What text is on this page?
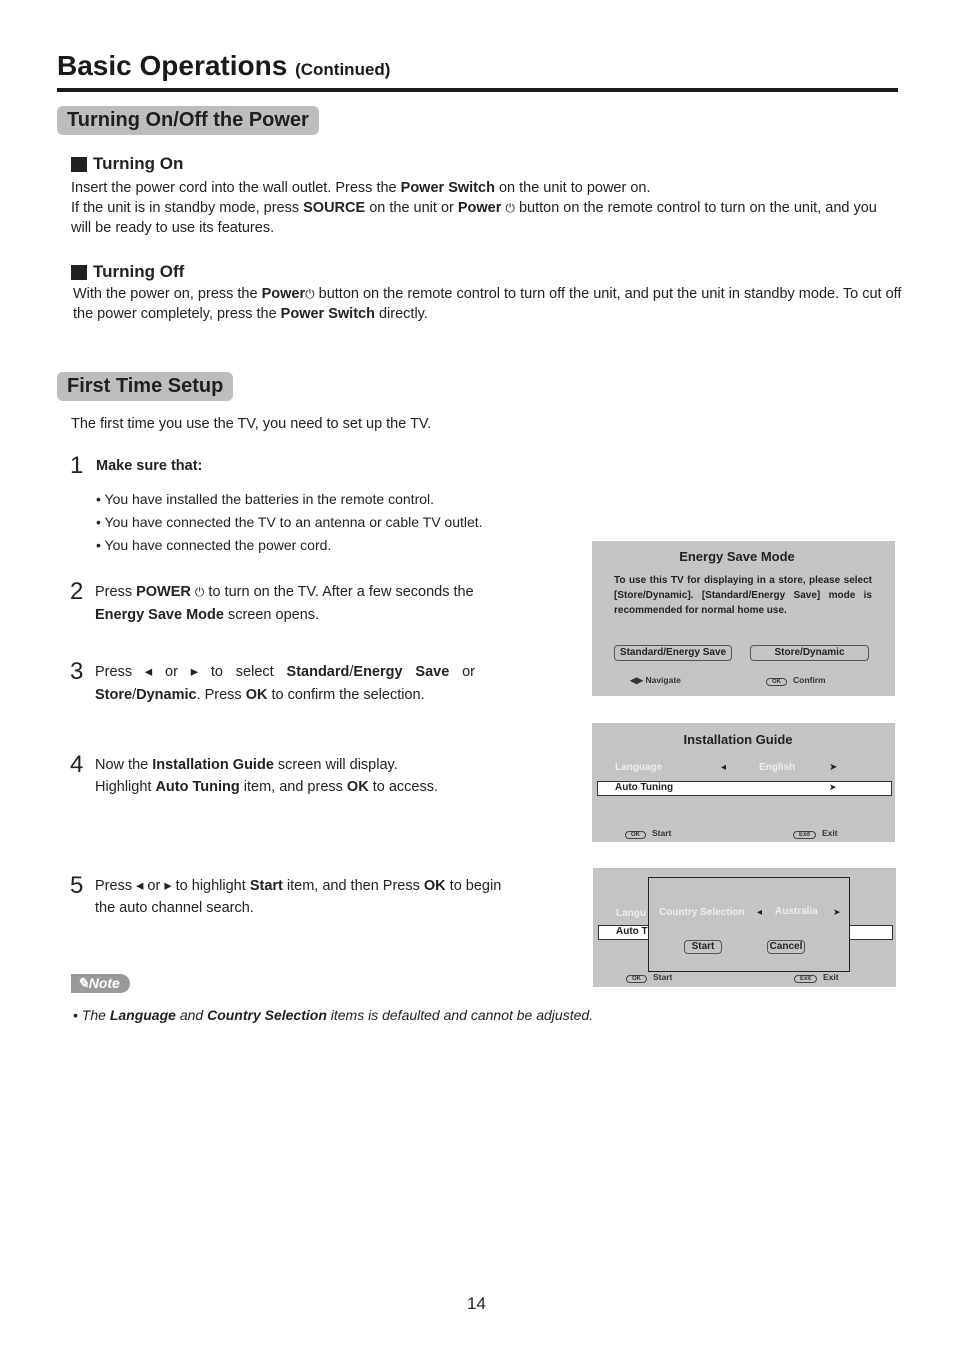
Basic Operations (Continued)
Turning On/Off the Power
Turning On
Insert the power cord into the wall outlet. Press the Power Switch on the unit to power on.
If the unit is in standby mode, press SOURCE on the unit or Power ⏻ button on the remote control to turn on the unit, and you will be ready to use its features.
Turning Off
With the power on, press the Power⏻ button on the remote control to turn off the unit, and put the unit in standby mode. To cut off the power completely, press the Power Switch directly.
First Time Setup
The first time you use the TV, you need to set up the TV.
1 Make sure that:
• You have installed the batteries in the remote control.
• You have connected the TV to an antenna or cable TV outlet.
• You have connected the power cord.
2 Press POWER ⏻ to turn on the TV. After a few seconds the Energy Save Mode screen opens.
3 Press ◂ or ▸ to select Standard/Energy Save or Store/Dynamic. Press OK to confirm the selection.
4 Now the Installation Guide screen will display.
Highlight Auto Tuning item, and press OK to access.
5 Press ◂ or ▸ to highlight Start item, and then Press OK to begin the auto channel search.
Energy Save Mode
To use this TV for displaying in a store, please select [Store/Dynamic]. [Standard/Energy Save] mode is recommended for normal home use.
Standard/Energy Save	Store/Dynamic
◀▶ Navigate	OK Confirm
Installation Guide
Language	◂	English	➤
Auto Tuning	➤
OK Start	Exit Exit
Langu
Auto T
Country Selection ◂ Australia ➤
Start	Cancel
OK Start	Exit Exit
✎Note
• The Language and Country Selection items is defaulted and cannot be adjusted.
14
